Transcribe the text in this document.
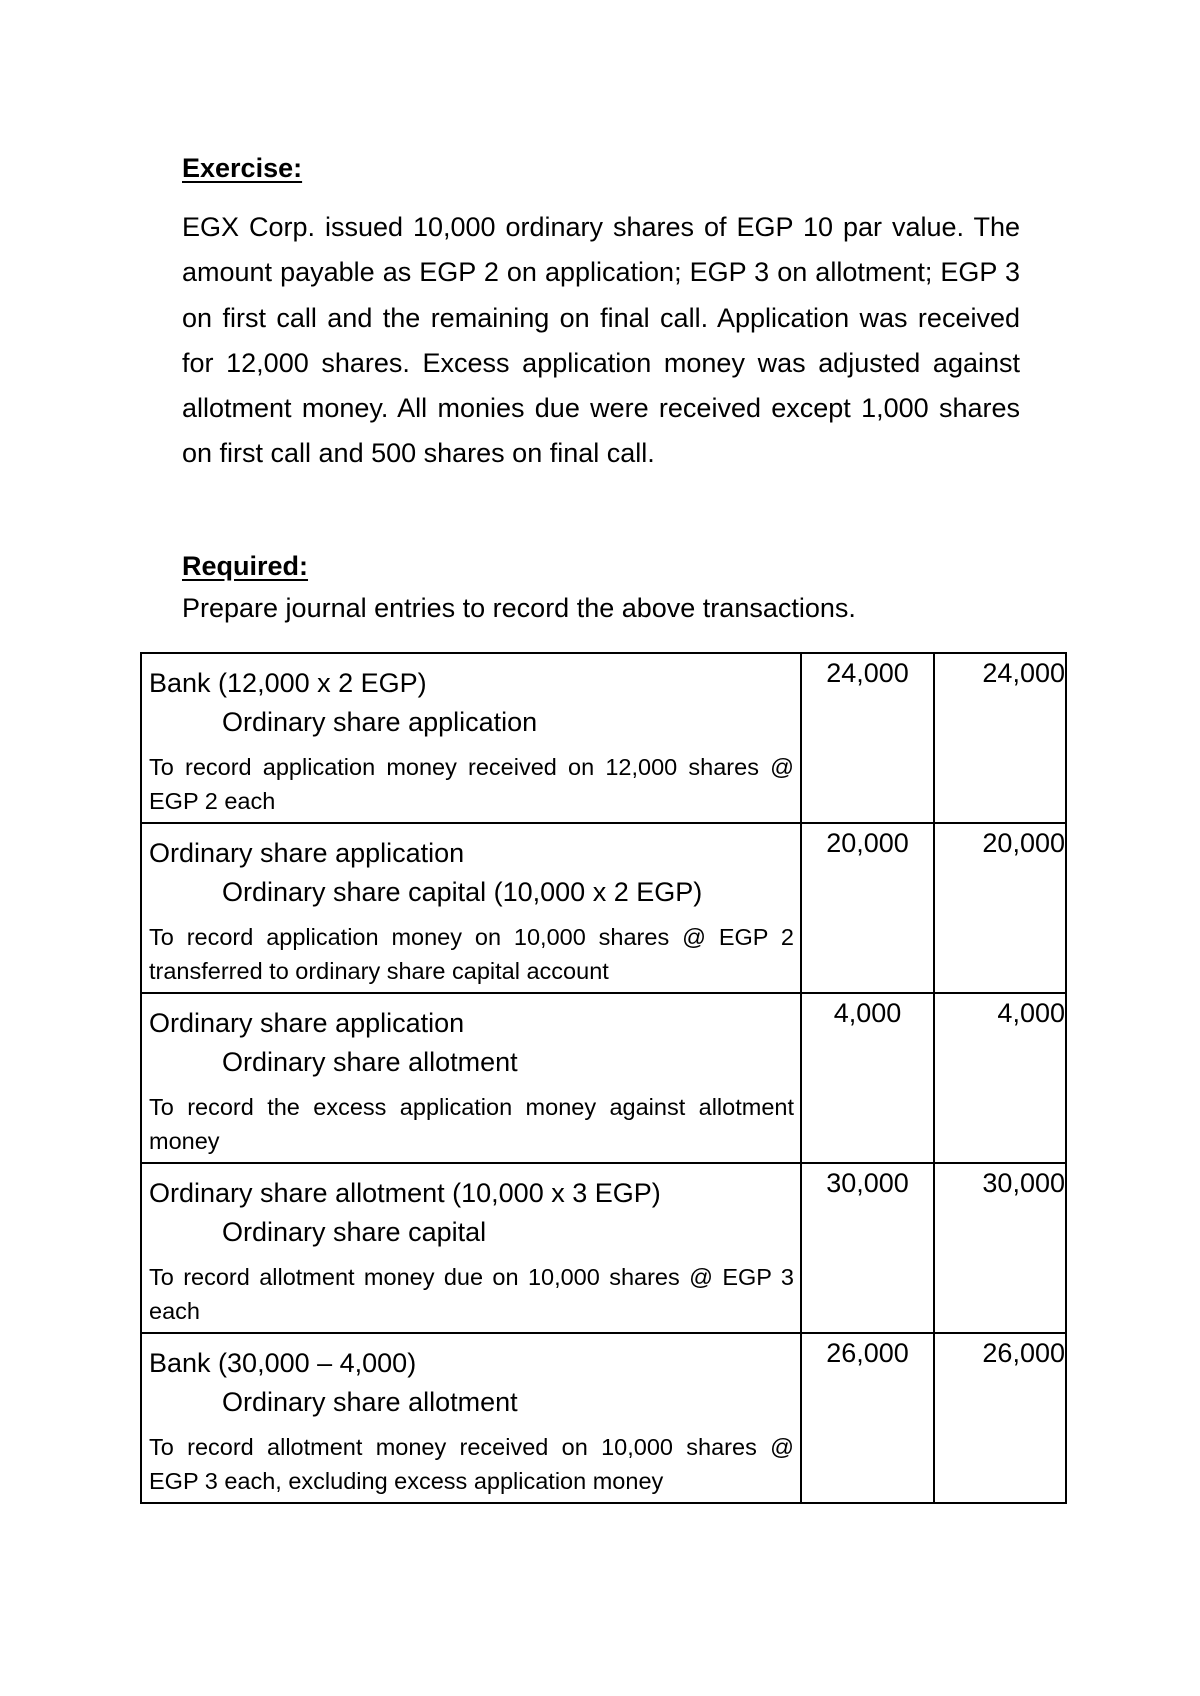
Exercise:

EGX Corp. issued 10,000 ordinary shares of EGP 10 par value. The amount payable as EGP 2 on application; EGP 3 on allotment; EGP 3 on first call and the remaining on final call. Application was received for 12,000 shares. Excess application money was adjusted against allotment money. All monies due were received except 1,000 shares on first call and 500 shares on final call.

Required:

Prepare journal entries to record the above transactions.

Bank (12,000 x 2 EGP)
Ordinary share application
To record application money received on 12,000 shares @ EGP 2 each	24,000	24,000

Ordinary share application
Ordinary share capital (10,000 x 2 EGP)
To record application money on 10,000 shares @ EGP 2 transferred to ordinary share capital account	20,000	20,000

Ordinary share application
Ordinary share allotment
To record the excess application money against allotment money	4,000	4,000

Ordinary share allotment (10,000 x 3 EGP)
Ordinary share capital
To record allotment money due on 10,000 shares @ EGP 3 each	30,000	30,000

Bank (30,000 – 4,000)
Ordinary share allotment
To record allotment money received on 10,000 shares @ EGP 3 each, excluding excess application money	26,000	26,000
